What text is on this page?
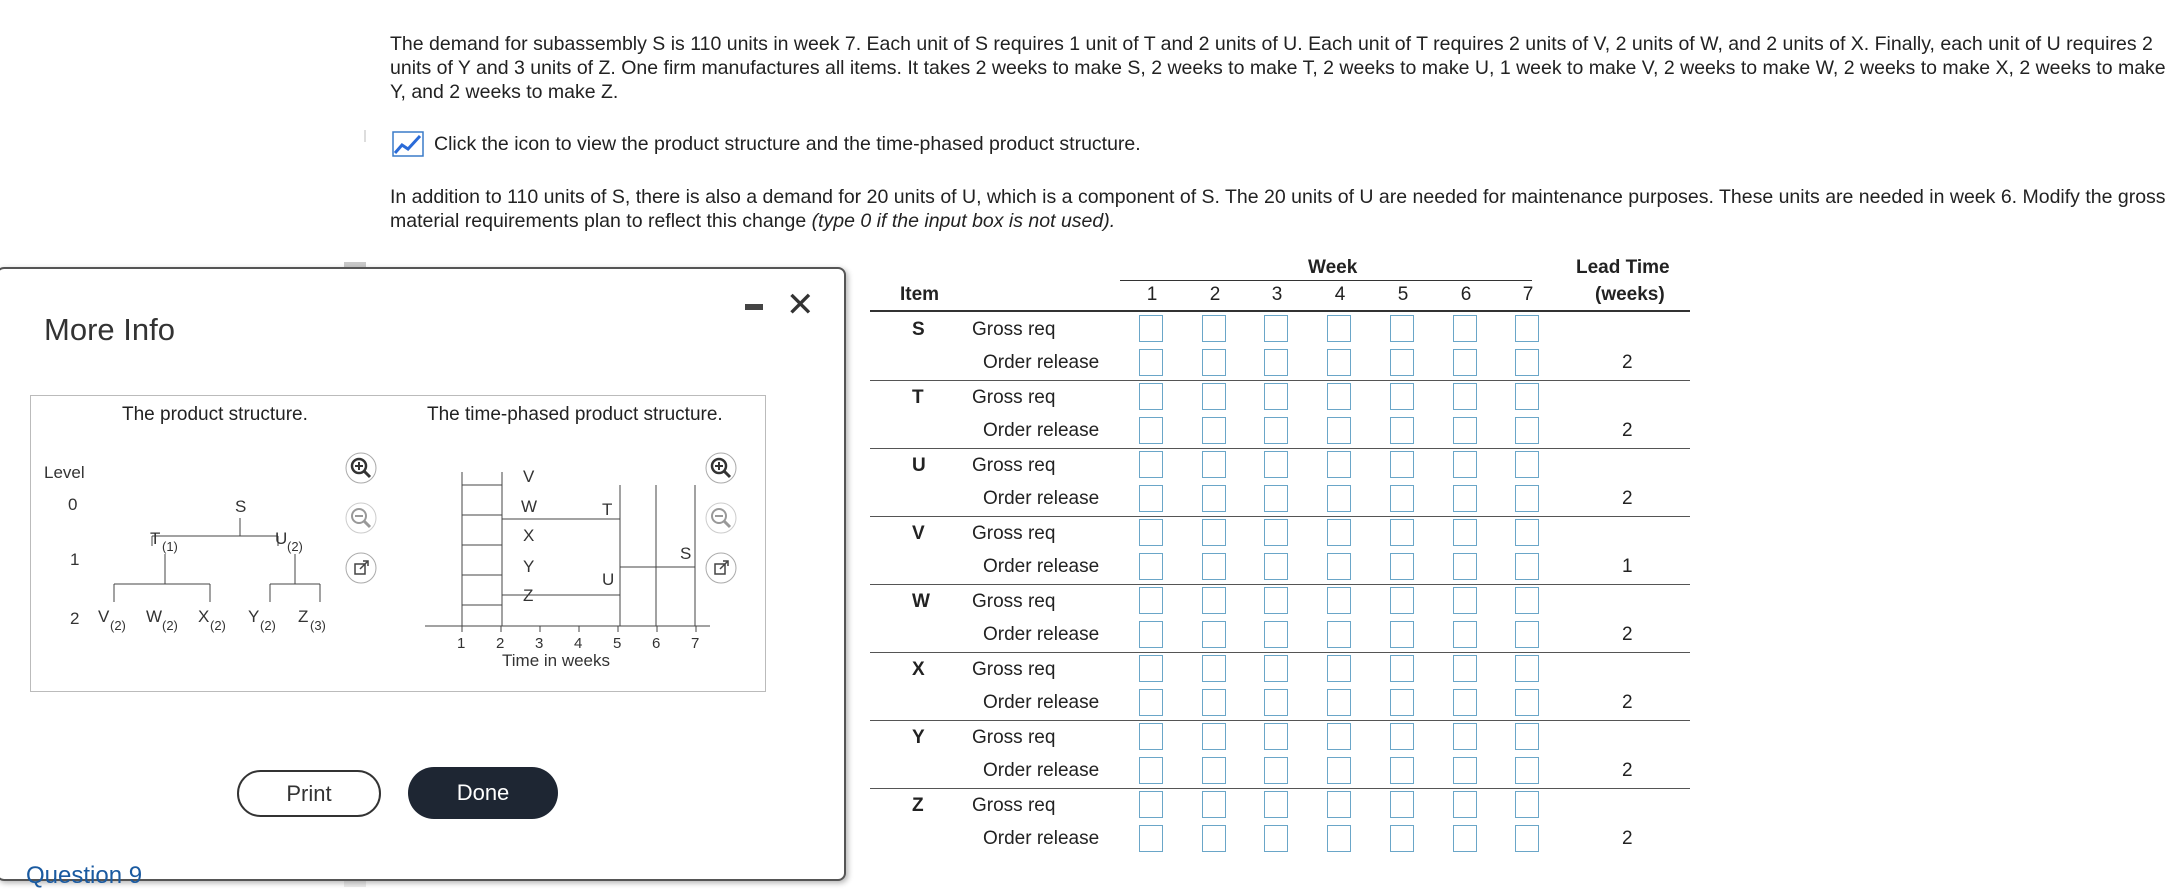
The demand for subassembly S is 110 units in week 7. Each unit of S requires 1 unit of T and 2 units of U. Each unit of T requires 2 units of V, 2 units of W, and 2 units of X. Finally, each unit of U requires 2 units of Y and 3 units of Z. One firm manufactures all items. It takes 2 weeks to make S, 2 weeks to make T, 2 weeks to make U, 1 week to make V, 2 weeks to make W, 2 weeks to make X, 2 weeks to make Y, and 2 weeks to make Z.

Click the icon to view the product structure and the time-phased product structure.
In addition to 110 units of S, there is also a demand for 20 units of U, which is a component of S. The 20 units of U are needed for maintenance purposes. These units are needed in week 6. Modify the gross material requirements plan to reflect this change (type 0 if the input box is not used).
Week	Lead Time
(weeks)
Item	1	2	3	4	5	6	7
S Gross req
Order release	2
T	Gross req
Order release	2
U Gross req
Order release	2
V Gross req
Order release	1
W Gross req
Order release	2
X Gross req
Order release	2
Y Gross req
Order release	2
Z	Gross req
Order release	2
More Info
✕
The product structure.	The time-phased product structure.
Level
0
1
2
S
T (1)	U (2)
V (2) W (2) X (2) Y (2) Z (3)
V
W
X
Y
Z
T
U
S
1 2 3 4 5 6 7
Time in weeks
Print	Done
Question 9
